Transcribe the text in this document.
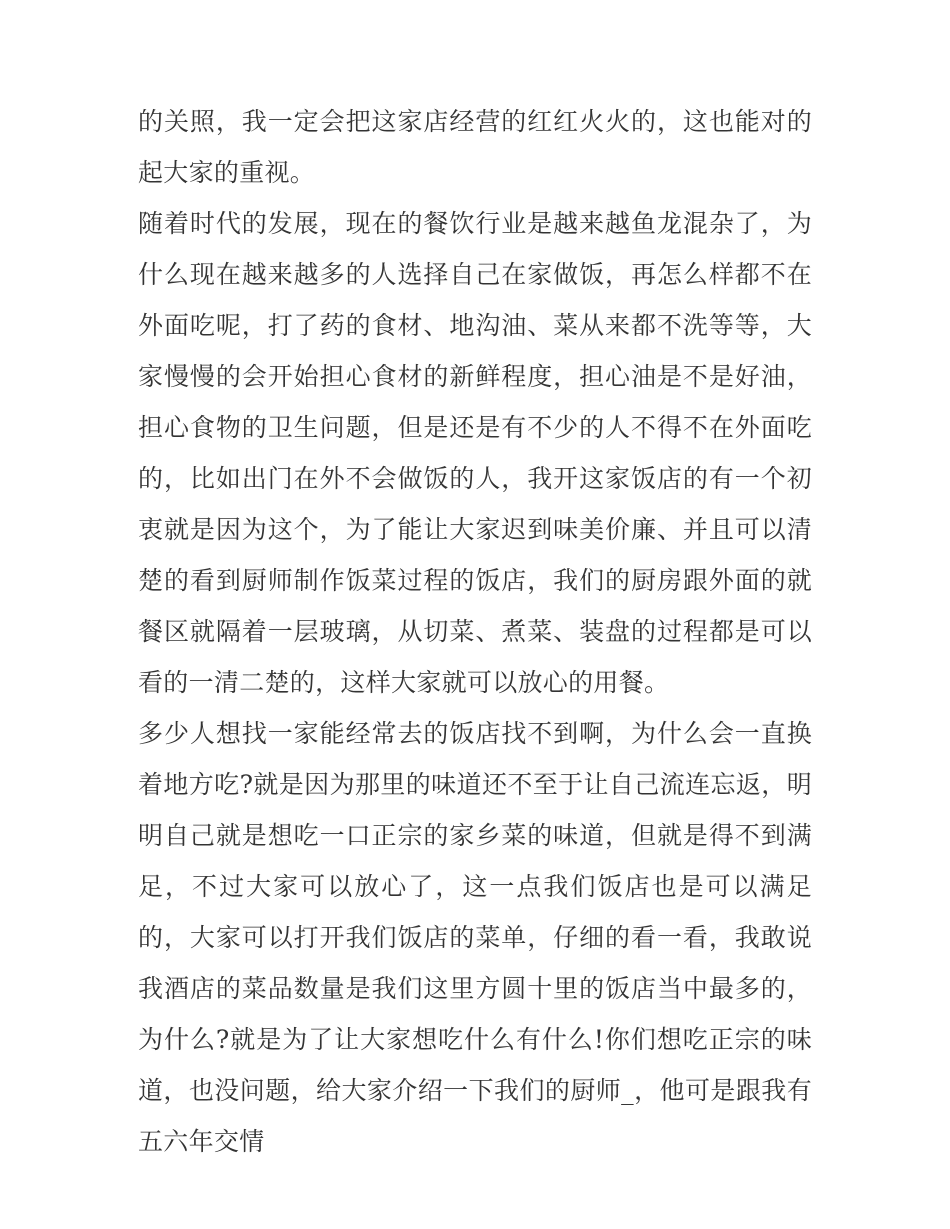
的关照，我一定会把这家店经营的红红火火的，这也能对的起大家的重视。

随着时代的发展，现在的餐饮行业是越来越鱼龙混杂了，为什么现在越来越多的人选择自己在家做饭，再怎么样都不在外面吃呢，打了药的食材、地沟油、菜从来都不洗等等，大家慢慢的会开始担心食材的新鲜程度，担心油是不是好油，担心食物的卫生问题，但是还是有不少的人不得不在外面吃的，比如出门在外不会做饭的人，我开这家饭店的有一个初衷就是因为这个，为了能让大家迟到味美价廉、并且可以清楚的看到厨师制作饭菜过程的饭店，我们的厨房跟外面的就餐区就隔着一层玻璃，从切菜、煮菜、装盘的过程都是可以看的一清二楚的，这样大家就可以放心的用餐。

多少人想找一家能经常去的饭店找不到啊，为什么会一直换着地方吃?就是因为那里的味道还不至于让自己流连忘返，明明自己就是想吃一口正宗的家乡菜的味道，但就是得不到满足，不过大家可以放心了，这一点我们饭店也是可以满足的，大家可以打开我们饭店的菜单，仔细的看一看，我敢说我酒店的菜品数量是我们这里方圆十里的饭店当中最多的，为什么?就是为了让大家想吃什么有什么!你们想吃正宗的味道，也没问题，给大家介绍一下我们的厨师_，他可是跟我有五六年交情
